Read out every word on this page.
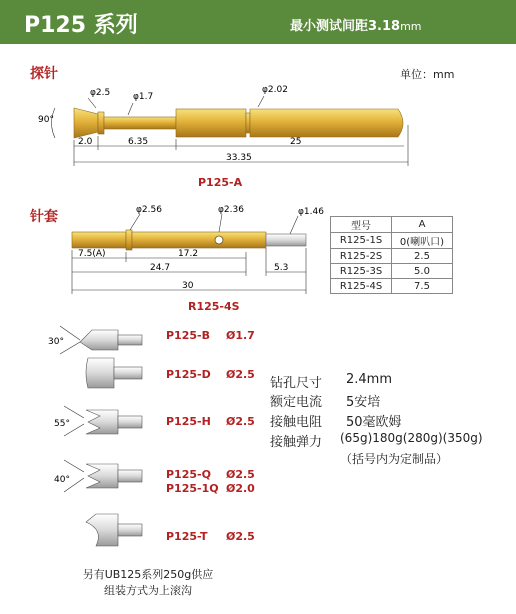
P125 系列	最小测试间距3.18mm
探针	单位：mm
φ2.5	φ1.7
φ2.02
90°
2.0	6.35	25
33.35
P125-A
φ2.56	φ2.36	φ1.46
7.5(A)	17.2
24.7	5.3
30
R125-4S
30°
55°
40°
型号	A
R125-1S	0(喇叭口)
R125-2S	2.5
R125-3S	5.0
R125-4S	7.5
针套
P125-B Ø1.7
P125-D Ø2.5
P125-H Ø2.5
P125-Q Ø2.5
P125-1Q Ø2.0
P125-T Ø2.5
钻孔尺寸 2.4mm
额定电流 5安培
接触电阻 50毫欧姆
接触弹力 (65g)180g(280g)(350g)
（括号内为定制品）
另有UB125系列250g供应
组装方式为上滚沟
